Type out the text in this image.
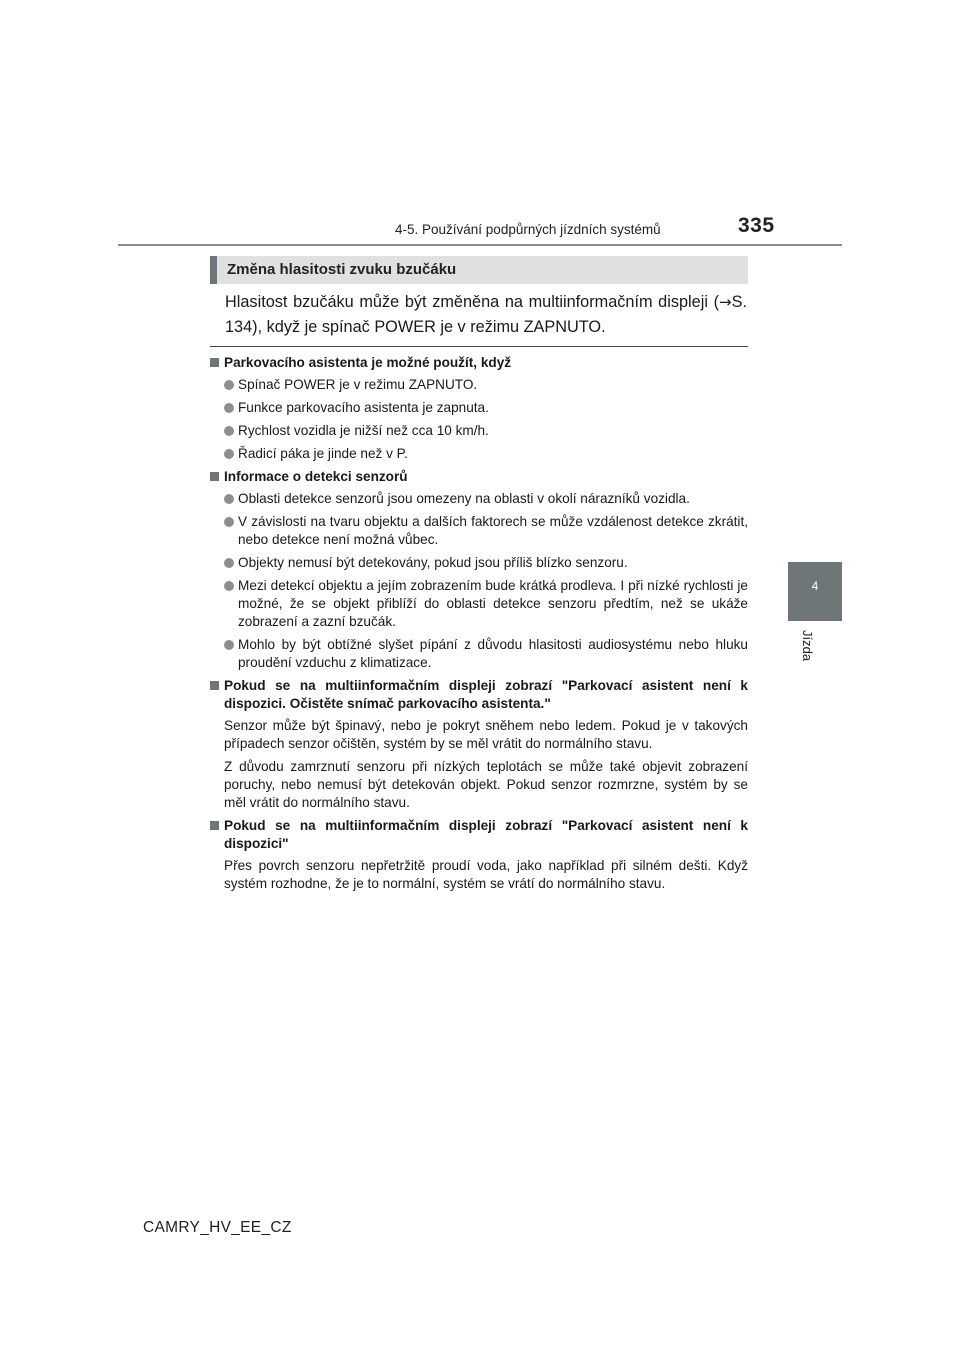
4-5. Používání podpůrných jízdních systémů	335
4
Jízda
Změna hlasitosti zvuku bzučáku
Hlasitost bzučáku může být změněna na multiinformačním displeji (→S. 134), když je spínač POWER je v režimu ZAPNUTO.
Parkovacího asistenta je možné použít, když
Spínač POWER je v režimu ZAPNUTO.
Funkce parkovacího asistenta je zapnuta.
Rychlost vozidla je nižší než cca 10 km/h.
Řadicí páka je jinde než v P.
Informace o detekci senzorů
Oblasti detekce senzorů jsou omezeny na oblasti v okolí nárazníků vozidla.
V závislosti na tvaru objektu a dalších faktorech se může vzdálenost detekce zkrátit, nebo detekce není možná vůbec.
Objekty nemusí být detekovány, pokud jsou příliš blízko senzoru.
Mezi detekcí objektu a jejím zobrazením bude krátká prodleva. I při nízké rychlosti je možné, že se objekt přiblíží do oblasti detekce senzoru předtím, než se ukáže zobrazení a zazní bzučák.
Mohlo by být obtížné slyšet pípání z důvodu hlasitosti audiosystému nebo hluku proudění vzduchu z klimatizace.
Pokud se na multiinformačním displeji zobrazí "Parkovací asistent není k dispozici. Očistěte snímač parkovacího asistenta."
Senzor může být špinavý, nebo je pokryt sněhem nebo ledem. Pokud je v takových případech senzor očištěn, systém by se měl vrátit do normálního stavu.
Z důvodu zamrznutí senzoru při nízkých teplotách se může také objevit zobrazení poruchy, nebo nemusí být detekován objekt. Pokud senzor rozmrzne, systém by se měl vrátit do normálního stavu.
Pokud se na multiinformačním displeji zobrazí "Parkovací asistent není k dispozici"
Přes povrch senzoru nepřetržitě proudí voda, jako například při silném dešti. Když systém rozhodne, že je to normální, systém se vrátí do normálního stavu.
CAMRY_HV_EE_CZ
